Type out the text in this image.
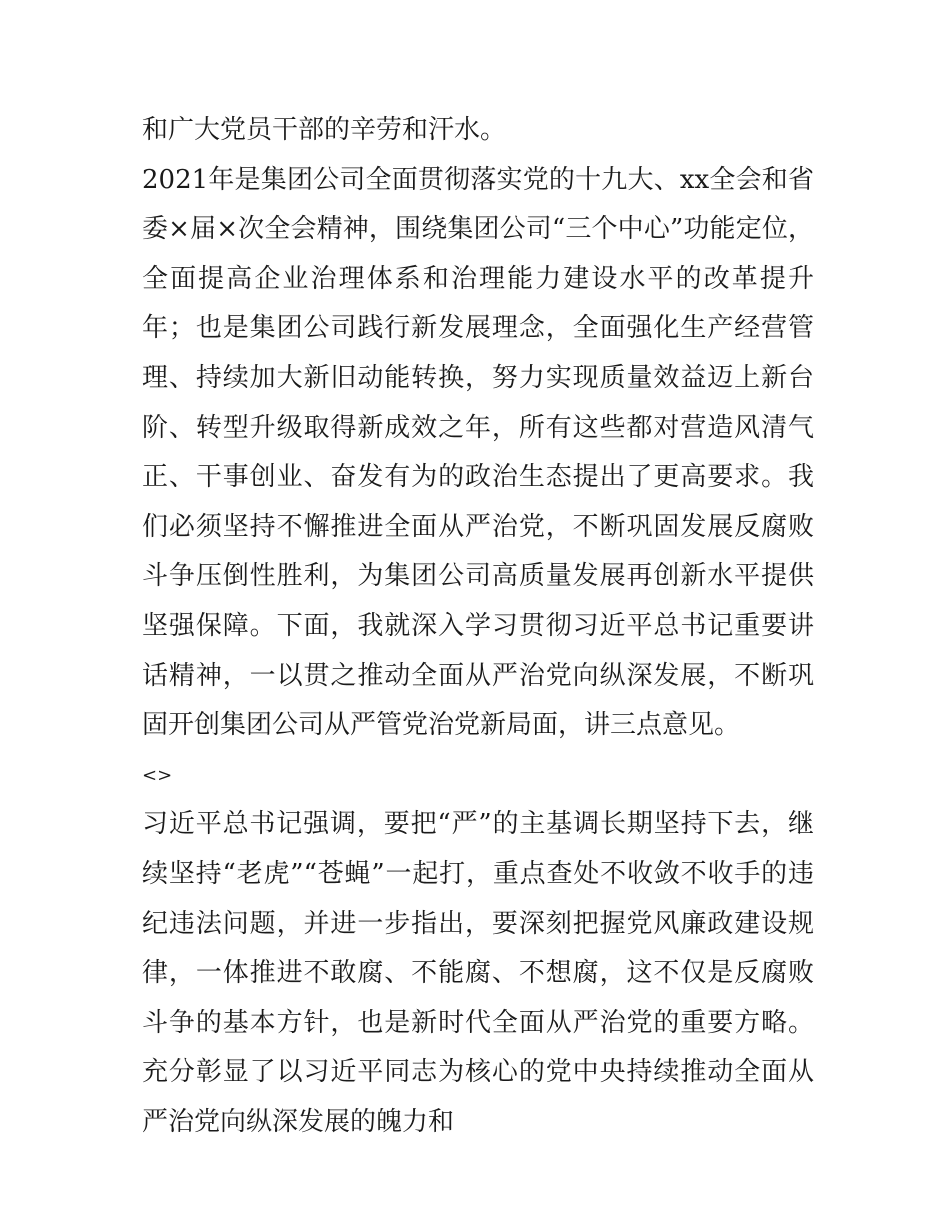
和广大党员干部的辛劳和汗水。

2021年是集团公司全面贯彻落实党的十九大、xx全会和省委×届×次全会精神，围绕集团公司“三个中心”功能定位，全面提高企业治理体系和治理能力建设水平的改革提升年；也是集团公司践行新发展理念，全面强化生产经营管理、持续加大新旧动能转换，努力实现质量效益迈上新台阶、转型升级取得新成效之年，所有这些都对营造风清气正、干事创业、奋发有为的政治生态提出了更高要求。我们必须坚持不懈推进全面从严治党，不断巩固发展反腐败斗争压倒性胜利，为集团公司高质量发展再创新水平提供坚强保障。下面，我就深入学习贯彻习近平总书记重要讲话精神，一以贯之推动全面从严治党向纵深发展，不断巩固开创集团公司从严管党治党新局面，讲三点意见。

<>

习近平总书记强调，要把“严”的主基调长期坚持下去，继续坚持“老虎”“苍蝇”一起打，重点查处不收敛不收手的违纪违法问题，并进一步指出，要深刻把握党风廉政建设规律，一体推进不敢腐、不能腐、不想腐，这不仅是反腐败斗争的基本方针，也是新时代全面从严治党的重要方略。充分彰显了以习近平同志为核心的党中央持续推动全面从严治党向纵深发展的魄力和
